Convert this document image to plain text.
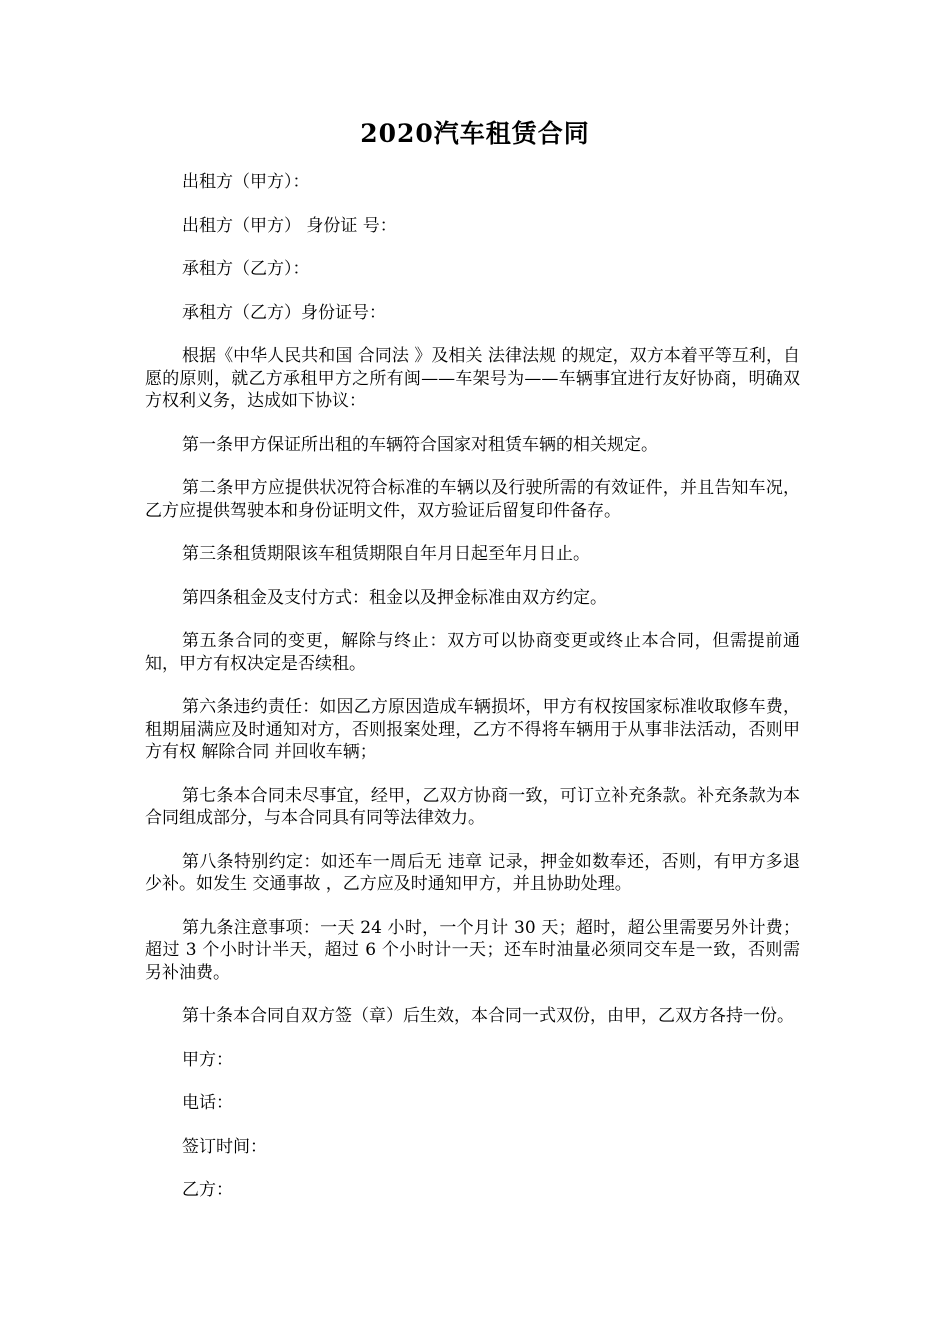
2020汽车租赁合同

出租方（甲方）：

出租方（甲方） 身份证 号：

承租方（乙方）：

承租方（乙方）身份证号：

根据《中华人民共和国 合同法 》及相关 法律法规 的规定，双方本着平等互利，自愿的原则，就乙方承租甲方之所有闽——车架号为——车辆事宜进行友好协商，明确双方权利义务，达成如下协议：

第一条甲方保证所出租的车辆符合国家对租赁车辆的相关规定。

第二条甲方应提供状况符合标准的车辆以及行驶所需的有效证件，并且告知车况，乙方应提供驾驶本和身份证明文件，双方验证后留复印件备存。

第三条租赁期限该车租赁期限自年月日起至年月日止。

第四条租金及支付方式：租金以及押金标准由双方约定。

第五条合同的变更，解除与终止：双方可以协商变更或终止本合同，但需提前通知，甲方有权决定是否续租。

第六条违约责任：如因乙方原因造成车辆损坏，甲方有权按国家标准收取修车费，租期届满应及时通知对方，否则报案处理，乙方不得将车辆用于从事非法活动，否则甲方有权 解除合同 并回收车辆；

第七条本合同未尽事宜，经甲，乙双方协商一致，可订立补充条款。补充条款为本合同组成部分，与本合同具有同等法律效力。

第八条特别约定：如还车一周后无 违章 记录，押金如数奉还，否则，有甲方多退少补。如发生 交通事故 ，乙方应及时通知甲方，并且协助处理。

第九条注意事项：一天 24 小时，一个月计 30 天；超时，超公里需要另外计费；超过 3 个小时计半天，超过 6 个小时计一天；还车时油量必须同交车是一致，否则需另补油费。

第十条本合同自双方签（章）后生效，本合同一式双份，由甲，乙双方各持一份。

甲方：

电话：

签订时间：

乙方：
